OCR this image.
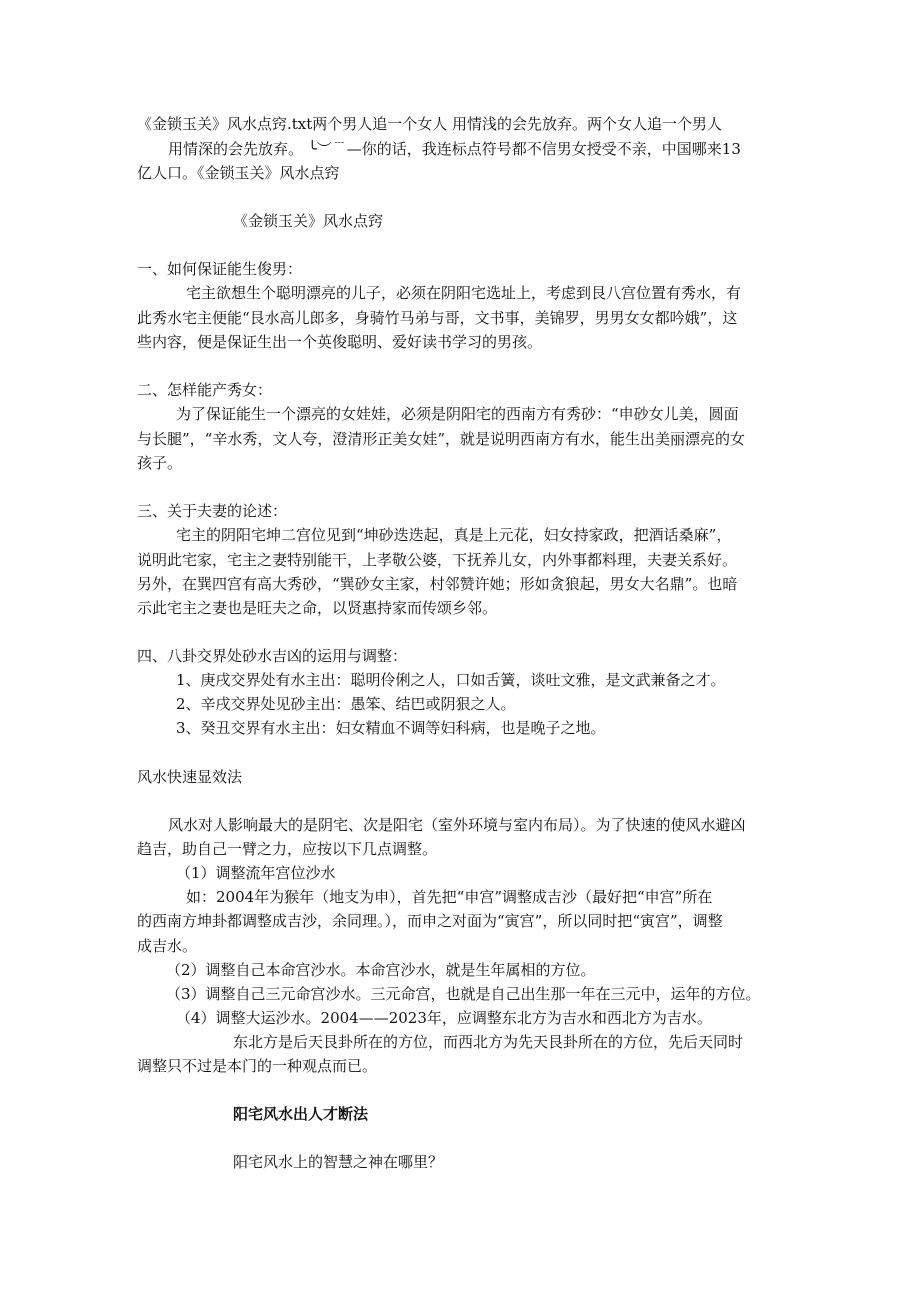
《金锁玉关》风水点窍.txt两个男人追一个女人 用情浅的会先放弃。两个女人追一个男人

用情深的会先放弃。 ╰︶﹉—你的话，我连标点符号都不信男女授受不亲，中国哪来13

亿人口。《金锁玉关》风水点窍

《金锁玉关》风水点窍

一、如何保证能生俊男：

宅主欲想生个聪明漂亮的儿子，必须在阴阳宅选址上，考虑到艮八宫位置有秀水，有

此秀水宅主便能“艮水高儿郎多，身骑竹马弟与哥，文书事，美锦罗，男男女女都吟娥”，这

些内容，便是保证生出一个英俊聪明、爱好读书学习的男孩。

二、怎样能产秀女：

为了保证能生一个漂亮的女娃娃，必须是阴阳宅的西南方有秀砂：“申砂女儿美，圆面

与长腿”，“辛水秀，文人夸，澄清形正美女娃”，就是说明西南方有水，能生出美丽漂亮的女

孩子。

三、关于夫妻的论述：

宅主的阴阳宅坤二宫位见到“坤砂迭迭起，真是上元花，妇女持家政，把酒话桑麻”，

说明此宅家，宅主之妻特别能干，上孝敬公婆，下抚养儿女，内外事都料理，夫妻关系好。

另外，在巽四宫有高大秀砂，“巽砂女主家，村邻赞许她；形如贪狼起，男女大名鼎”。也暗

示此宅主之妻也是旺夫之命，以贤惠持家而传颂乡邻。

四、八卦交界处砂水吉凶的运用与调整：

1、庚戌交界处有水主出：聪明伶俐之人，口如舌簧，谈吐文雅，是文武兼备之才。

2、辛戌交界处见砂主出：愚笨、结巴或阴狠之人。

3、癸丑交界有水主出：妇女精血不调等妇科病，也是晚子之地。

风水快速显效法

风水对人影响最大的是阴宅、次是阳宅（室外环境与室内布局）。为了快速的使风水避凶

趋吉，助自己一臂之力，应按以下几点调整。

（1）调整流年宫位沙水

如：2004年为猴年（地支为申），首先把“申宫”调整成吉沙（最好把“申宫”所在

的西南方坤卦都调整成吉沙，余同理。），而申之对面为“寅宫”，所以同时把“寅宫”，调整

成吉水。

（2）调整自己本命宫沙水。本命宫沙水，就是生年属相的方位。

（3）调整自己三元命宫沙水。三元命宫，也就是自己出生那一年在三元中，运年的方位。

（4）调整大运沙水。2004——2023年，应调整东北方为吉水和西北方为吉水。

东北方是后天艮卦所在的方位，而西北方为先天艮卦所在的方位，先后天同时

调整只不过是本门的一种观点而已。

阳宅风水出人才断法

阳宅风水上的智慧之神在哪里？
